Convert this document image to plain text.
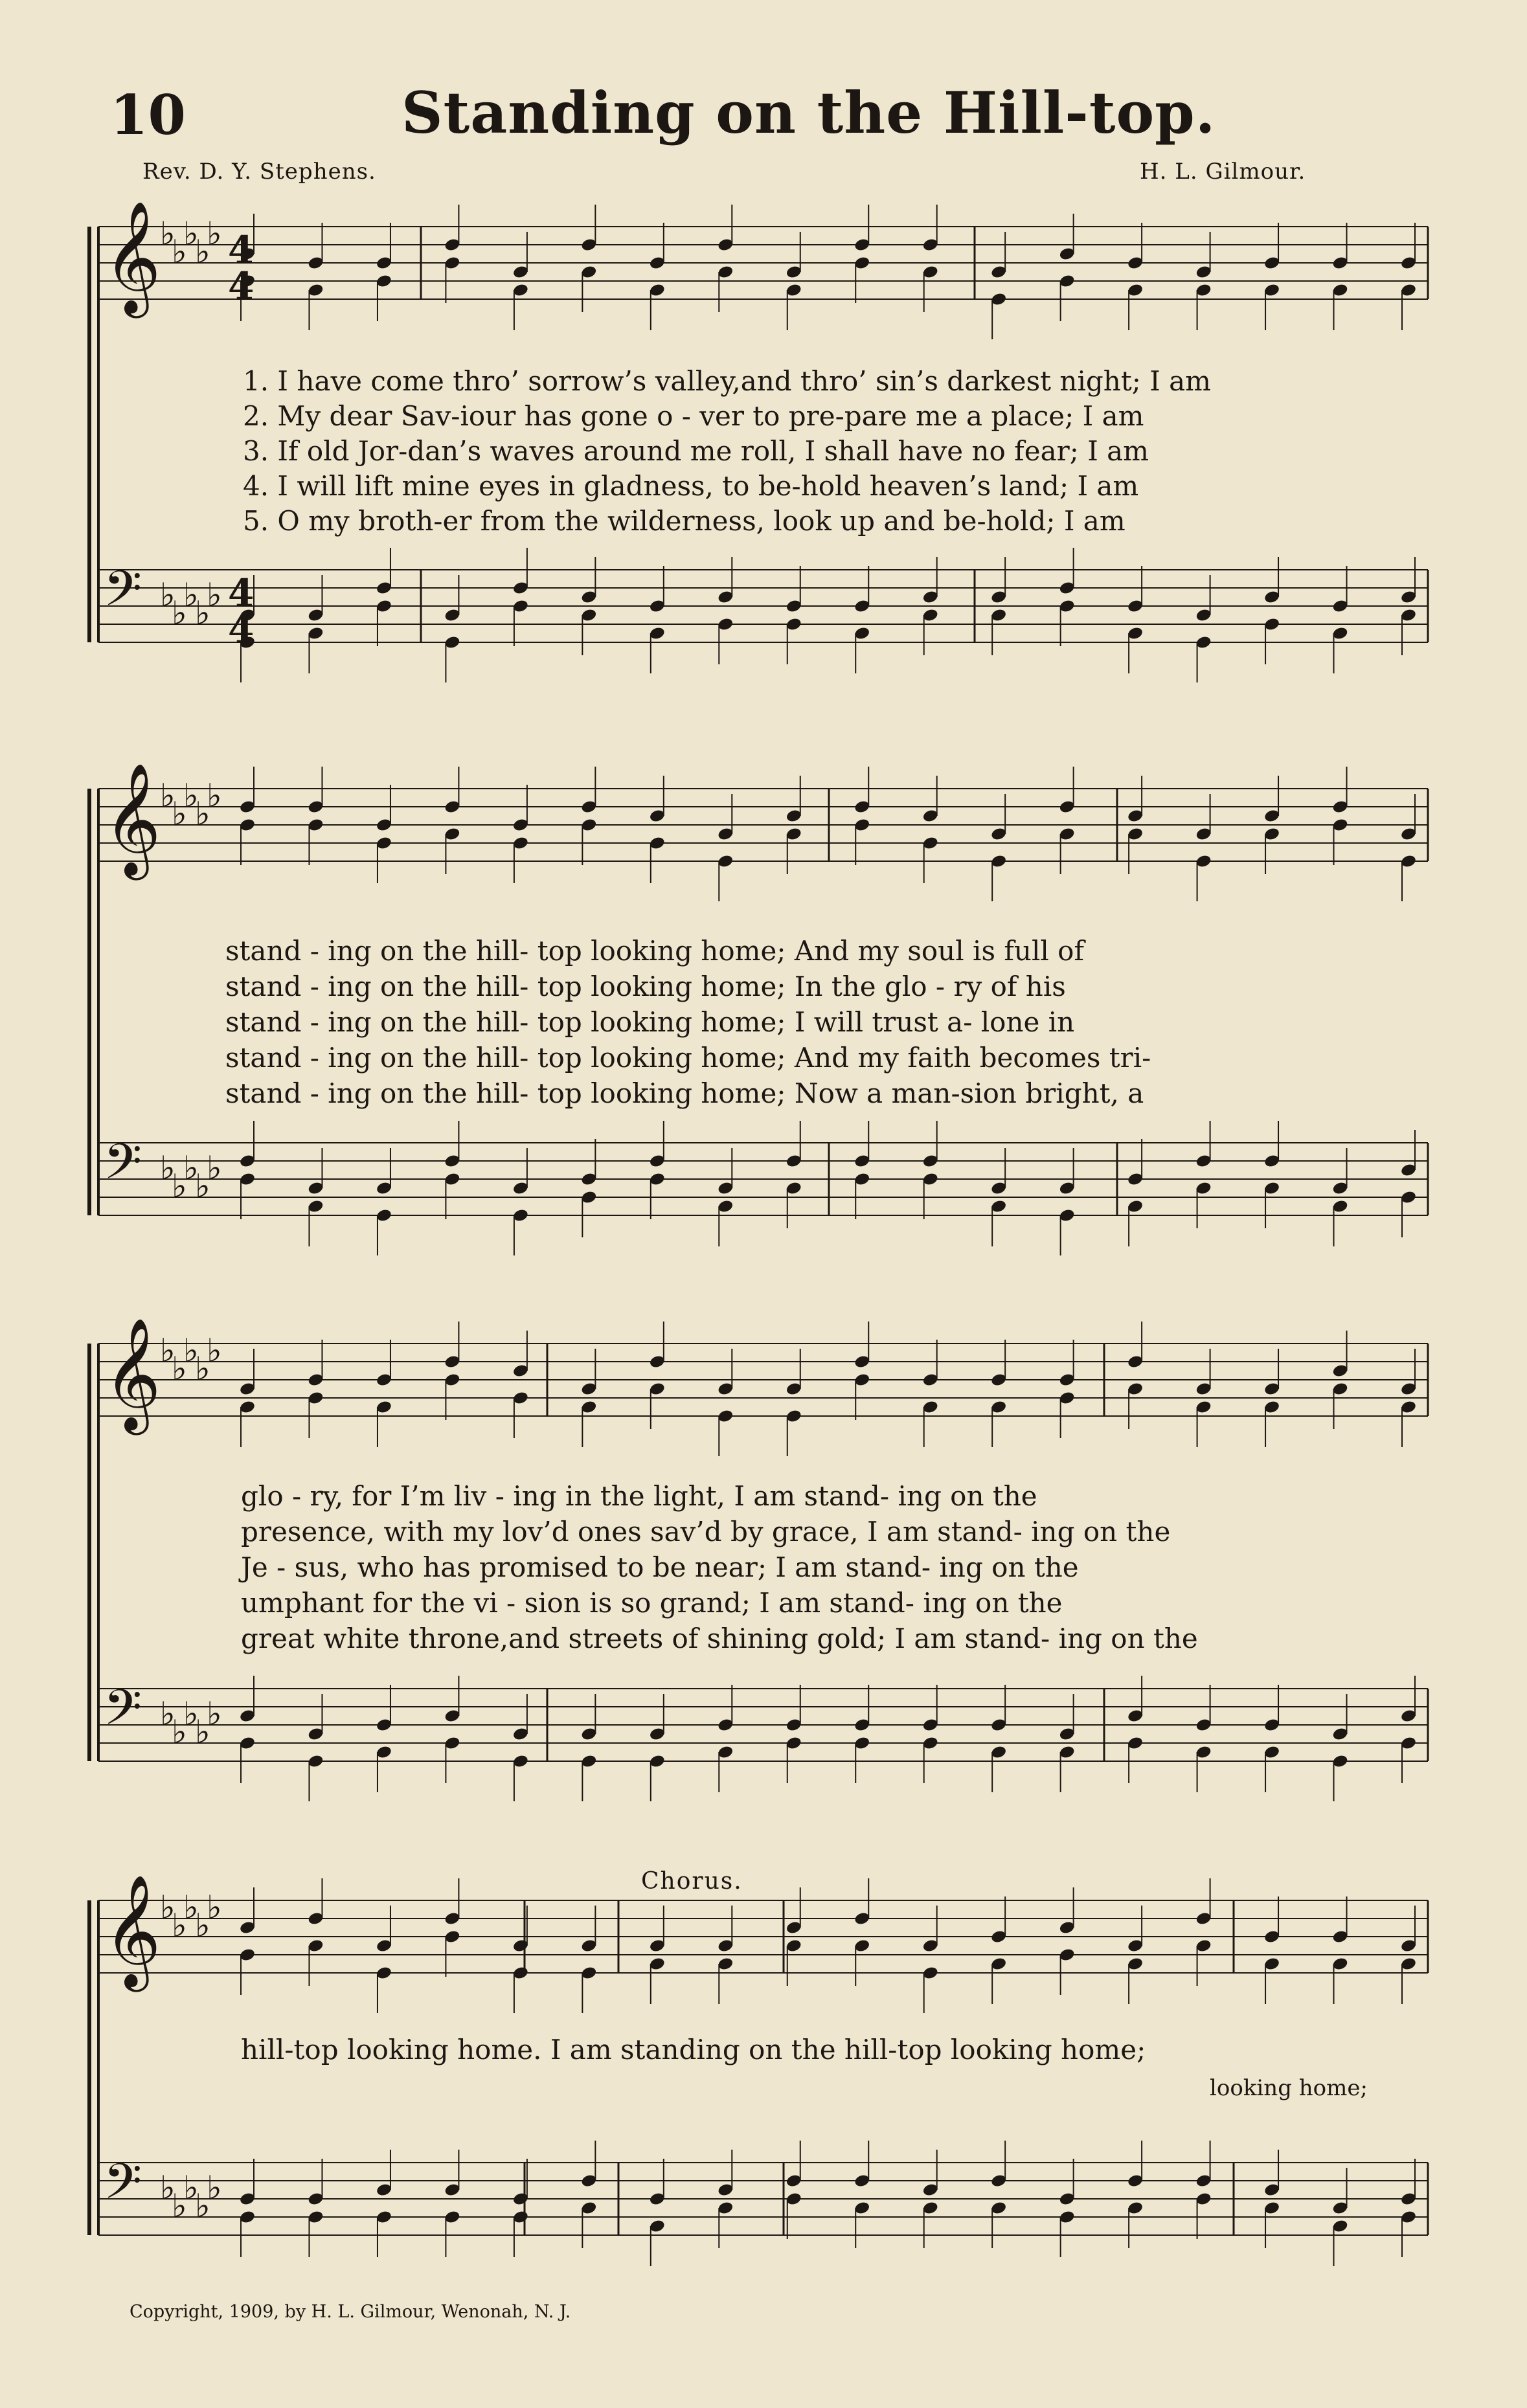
10	Standing on the Hill-top.
Rev. D. Y. Stephens.	H. L. Gilmour.
𝄞
♭
♭
♭
♭
♭
𝄢 ♭
♭
♭
♭
♭
4
4
4
4
𝄞
♭
♭
♭
♭
♭
𝄢 ♭
♭
♭
♭
♭
𝄞
♭
♭
♭
♭
♭
𝄢 ♭
♭
♭
♭
♭
𝄞
♭
♭
♭
♭
♭
𝄢 ♭
♭
♭
♭
♭
1. I have come thro’ sorrow’s valley,and thro’ sin’s darkest night; I am
2. My dear Sav-iour has gone o - ver to pre-pare me a place; I am
3. If old Jor-dan’s waves around me roll, I shall have no fear; I am
4. I will lift mine eyes in gladness, to be-hold heaven’s land; I am
5. O my broth-er from the wilderness, look up and be-hold; I am
stand - ing on the hill- top looking home; And my soul is full of
stand - ing on the hill- top looking home; In the glo - ry of his
stand - ing on the hill- top looking home; I will trust a- lone in
stand - ing on the hill- top looking home; And my faith becomes tri-
stand - ing on the hill- top looking home; Now a man-sion bright, a
glo - ry, for I’m liv - ing in the light, I am stand- ing on the
presence, with my lov’d ones sav’d by grace, I am stand- ing on the
Je - sus, who has promised to be near; I am stand- ing on the
umphant for the vi - sion is so grand; I am stand- ing on the
great white throne,and streets of shining gold; I am stand- ing on the
Chorus.
hill-top looking home. I am standing on the hill-top looking home;
looking home;
Copyright, 1909, by H. L. Gilmour, Wenonah, N. J.
